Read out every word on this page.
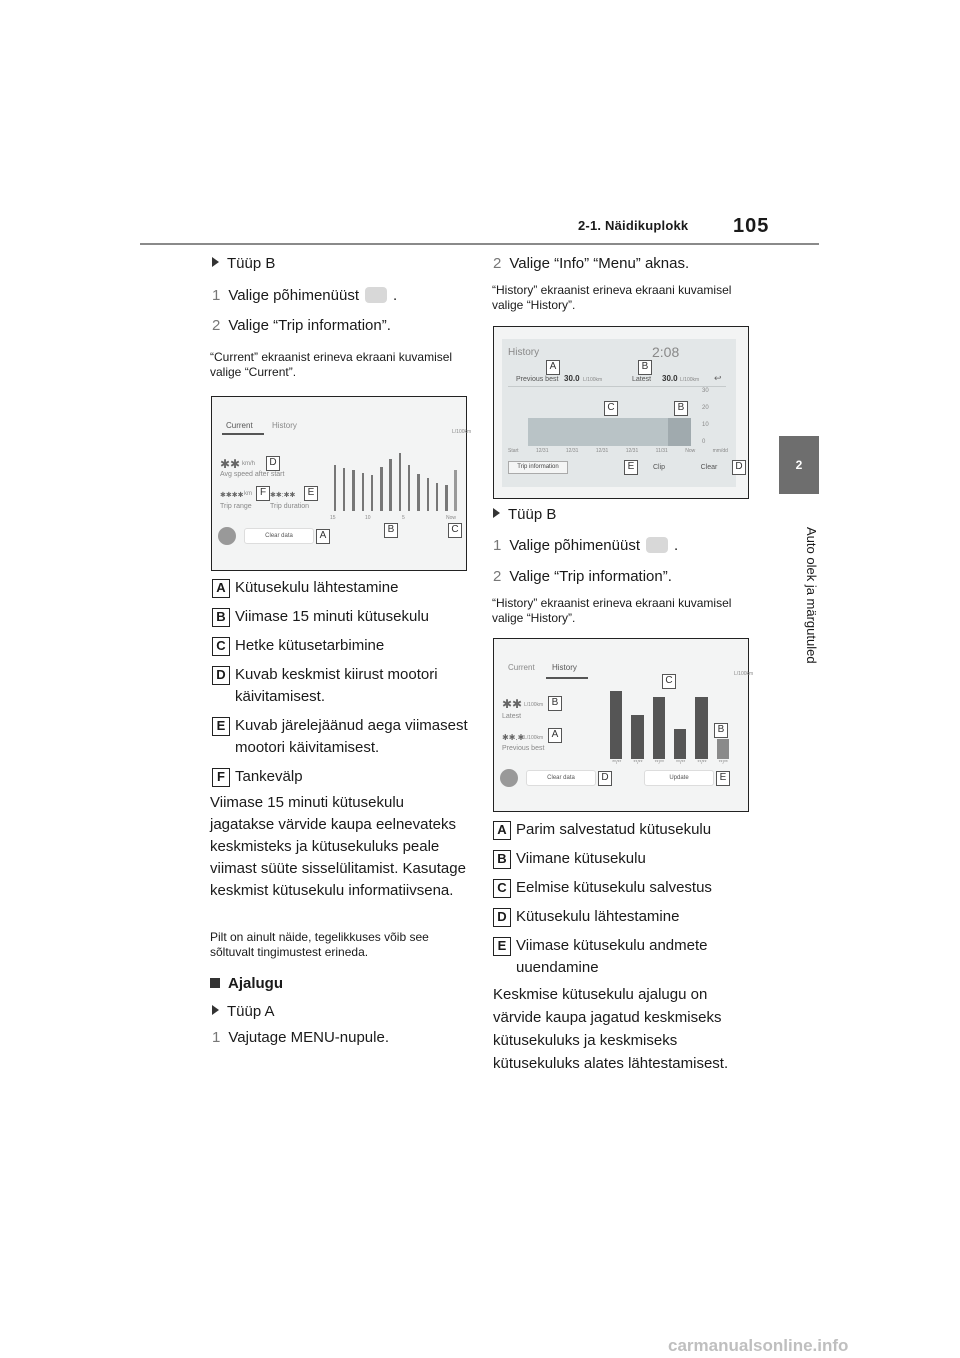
2-1. Näidikuplokk 105
2
Auto olek ja märgutuled
Tüüp B
1 Valige põhimenüüst .
2 Valige “Trip information”.
“Current” ekraanist erineva ekraani kuvamisel valige “Current”.
Current History
L/100km
✱✱ km/h
Avg speed after start
✱✱✱✱ km	✱✱:✱✱
Trip range	Trip duration
Clear data
15	10	5	Now
D
F	E
A
B	C
A Kütusekulu lähtestamine
B Viimase 15 minuti kütusekulu
C Hetke kütusetarbimine
D Kuvab keskmist kiirust mootori käivitamisest.
E Kuvab järelejäänud aega viimasest mootori käivitamisest.
F Tankevälp
Viimase 15 minuti kütusekulu jagatakse värvide kaupa eelnevateks keskmisteks ja kütusekuluks peale viimast süüte sisselülitamist. Kasutage keskmist kütusekulu informatiivsena.
Pilt on ainult näide, tegelikkuses võib see sõltuvalt tingimustest erineda.
Ajalugu
Tüüp A
1 Vajutage MENU-nupule.
2 Valige “Info” “Menu” aknas.
“History” ekraanist erineva ekraani kuvamisel valige “History”.
History	2:08
Previous best 30.0 L/100km	Latest 30.0 L/100km ↩
30
20
10
0
Start	12/31	12/31	12/31	12/31	11/31	Now	mm/dd
Trip information	Clip	Clear
A	B
C	B
E	D
Tüüp B
1 Valige põhimenüüst .
2 Valige “Trip information”.
“History” ekraanist erineva ekraani kuvamisel valige “History”.
Current History
L/100km
✱✱ L/100km
Latest
✱✱.✱ L/100km
Previous best
Clear data	Update
**/** **/** **/** **/** **/** **/**
B
A
C
B
D	E
A Parim salvestatud kütusekulu
B Viimane kütusekulu
C Eelmise kütusekulu salvestus
D Kütusekulu lähtestamine
E Viimase kütusekulu andmete uuendamine
Keskmise kütusekulu ajalugu on värvide kaupa jagatud keskmiseks kütusekuluks ja keskmiseks kütusekuluks alates lähtestamisest.
carmanualsonline.info
